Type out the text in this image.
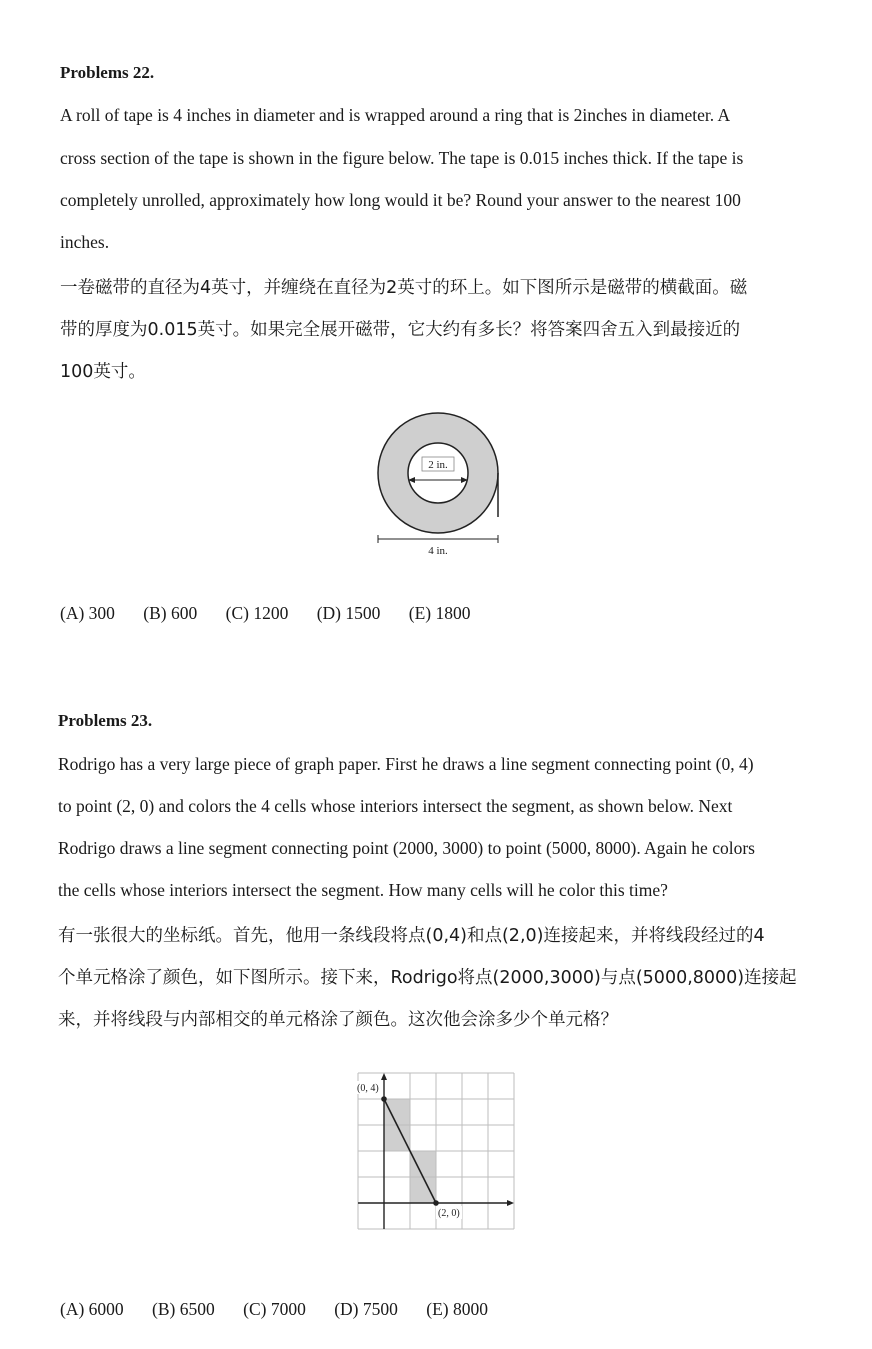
Problems 22.
A roll of tape is 4 inches in diameter and is wrapped around a ring that is 2inches in diameter. A
cross section of the tape is shown in the figure below. The tape is 0.015 inches thick. If the tape is
completely unrolled, approximately how long would it be? Round your answer to the nearest 100
inches.
一卷磁带的直径为4英寸，并缠绕在直径为2英寸的环上。如下图所示是磁带的横截面。磁
带的厚度为0.015英寸。如果完全展开磁带，它大约有多长？将答案四舍五入到最接近的
100英寸。
2 in.
4 in.
(A) 300 (B) 600 (C) 1200 (D) 1500 (E) 1800
Problems 23.
Rodrigo has a very large piece of graph paper. First he draws a line segment connecting point (0, 4)
to point (2, 0) and colors the 4 cells whose interiors intersect the segment, as shown below. Next
Rodrigo draws a line segment connecting point (2000, 3000) to point (5000, 8000). Again he colors
the cells whose interiors intersect the segment. How many cells will he color this time?
有一张很大的坐标纸。首先，他用一条线段将点(0,4)和点(2,0)连接起来，并将线段经过的4
个单元格涂了颜色，如下图所示。接下来，Rodrigo将点(2000,3000)与点(5000,8000)连接起
来，并将线段与内部相交的单元格涂了颜色。这次他会涂多少个单元格？
(0, 4)
(2, 0)
(A) 6000 (B) 6500 (C) 7000 (D) 7500 (E) 8000
